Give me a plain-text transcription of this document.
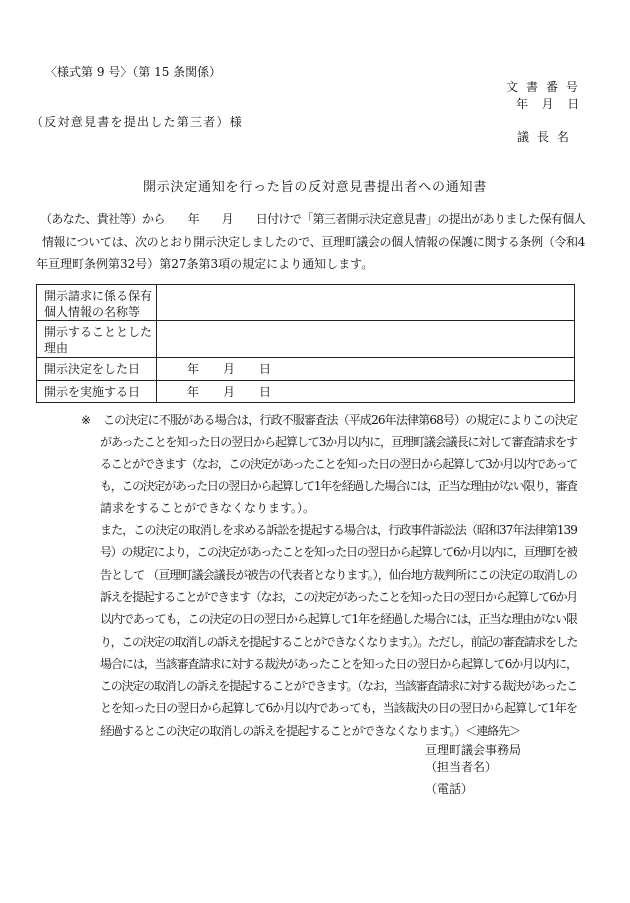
〈様式第 9 号〉（第 15 条関係）
文 書 番 号
年　月　日
（反対意見書を提出した第三者）様
議 長 名
開示決定通知を行った旨の反対意見書提出者への通知書
（あなた、貴社等）から　　年　　月　　日付けで「第三者開示決定意見書」の提出がありました保有個人
情報については、次のとおり開示決定しましたので、亘理町議会の個人情報の保護に関する条例（令和4
年亘理町条例第32号）第27条第3項の規定により通知します。
開示請求に係る保有
個人情報の名称等
開示することとした
理由
開示決定をした日	年　　月　　日
開示を実施する日	年　　月　　日
※ この決定に不服がある場合は，行政不服審査法（平成26年法律第68号）の規定によりこの決定
があったことを知った日の翌日から起算して3か月以内に，亘理町議会議長に対して審査請求をす
ることができます（なお，この決定があったことを知った日の翌日から起算して3か月以内であって
も，この決定があった日の翌日から起算して1年を経過した場合には，正当な理由がない限り，審査
請求をすることができなくなります。）。
また，この決定の取消しを求める訴訟を提起する場合は，行政事件訴訟法（昭和37年法律第139
号）の規定により，この決定があったことを知った日の翌日から起算して6か月以内に，亘理町を被
告として （亘理町議会議長が被告の代表者となります。），仙台地方裁判所にこの決定の取消しの
訴えを提起することができます（なお，この決定があったことを知った日の翌日から起算して6か月
以内であっても，この決定の日の翌日から起算して1年を経過した場合には，正当な理由がない限
り，この決定の取消しの訴えを提起することができなくなります。）。ただし，前記の審査請求をした
場合には，当該審査請求に対する裁決があったことを知った日の翌日から起算して6か月以内に，
この決定の取消しの訴えを提起することができます。（なお，当該審査請求に対する裁決があったこ
とを知った日の翌日から起算して6か月以内であっても，当該裁決の日の翌日から起算して1年を
経過するとこの決定の取消しの訴えを提起することができなくなります。）＜連絡先＞
亘理町議会事務局
（担当者名）
（電話）
